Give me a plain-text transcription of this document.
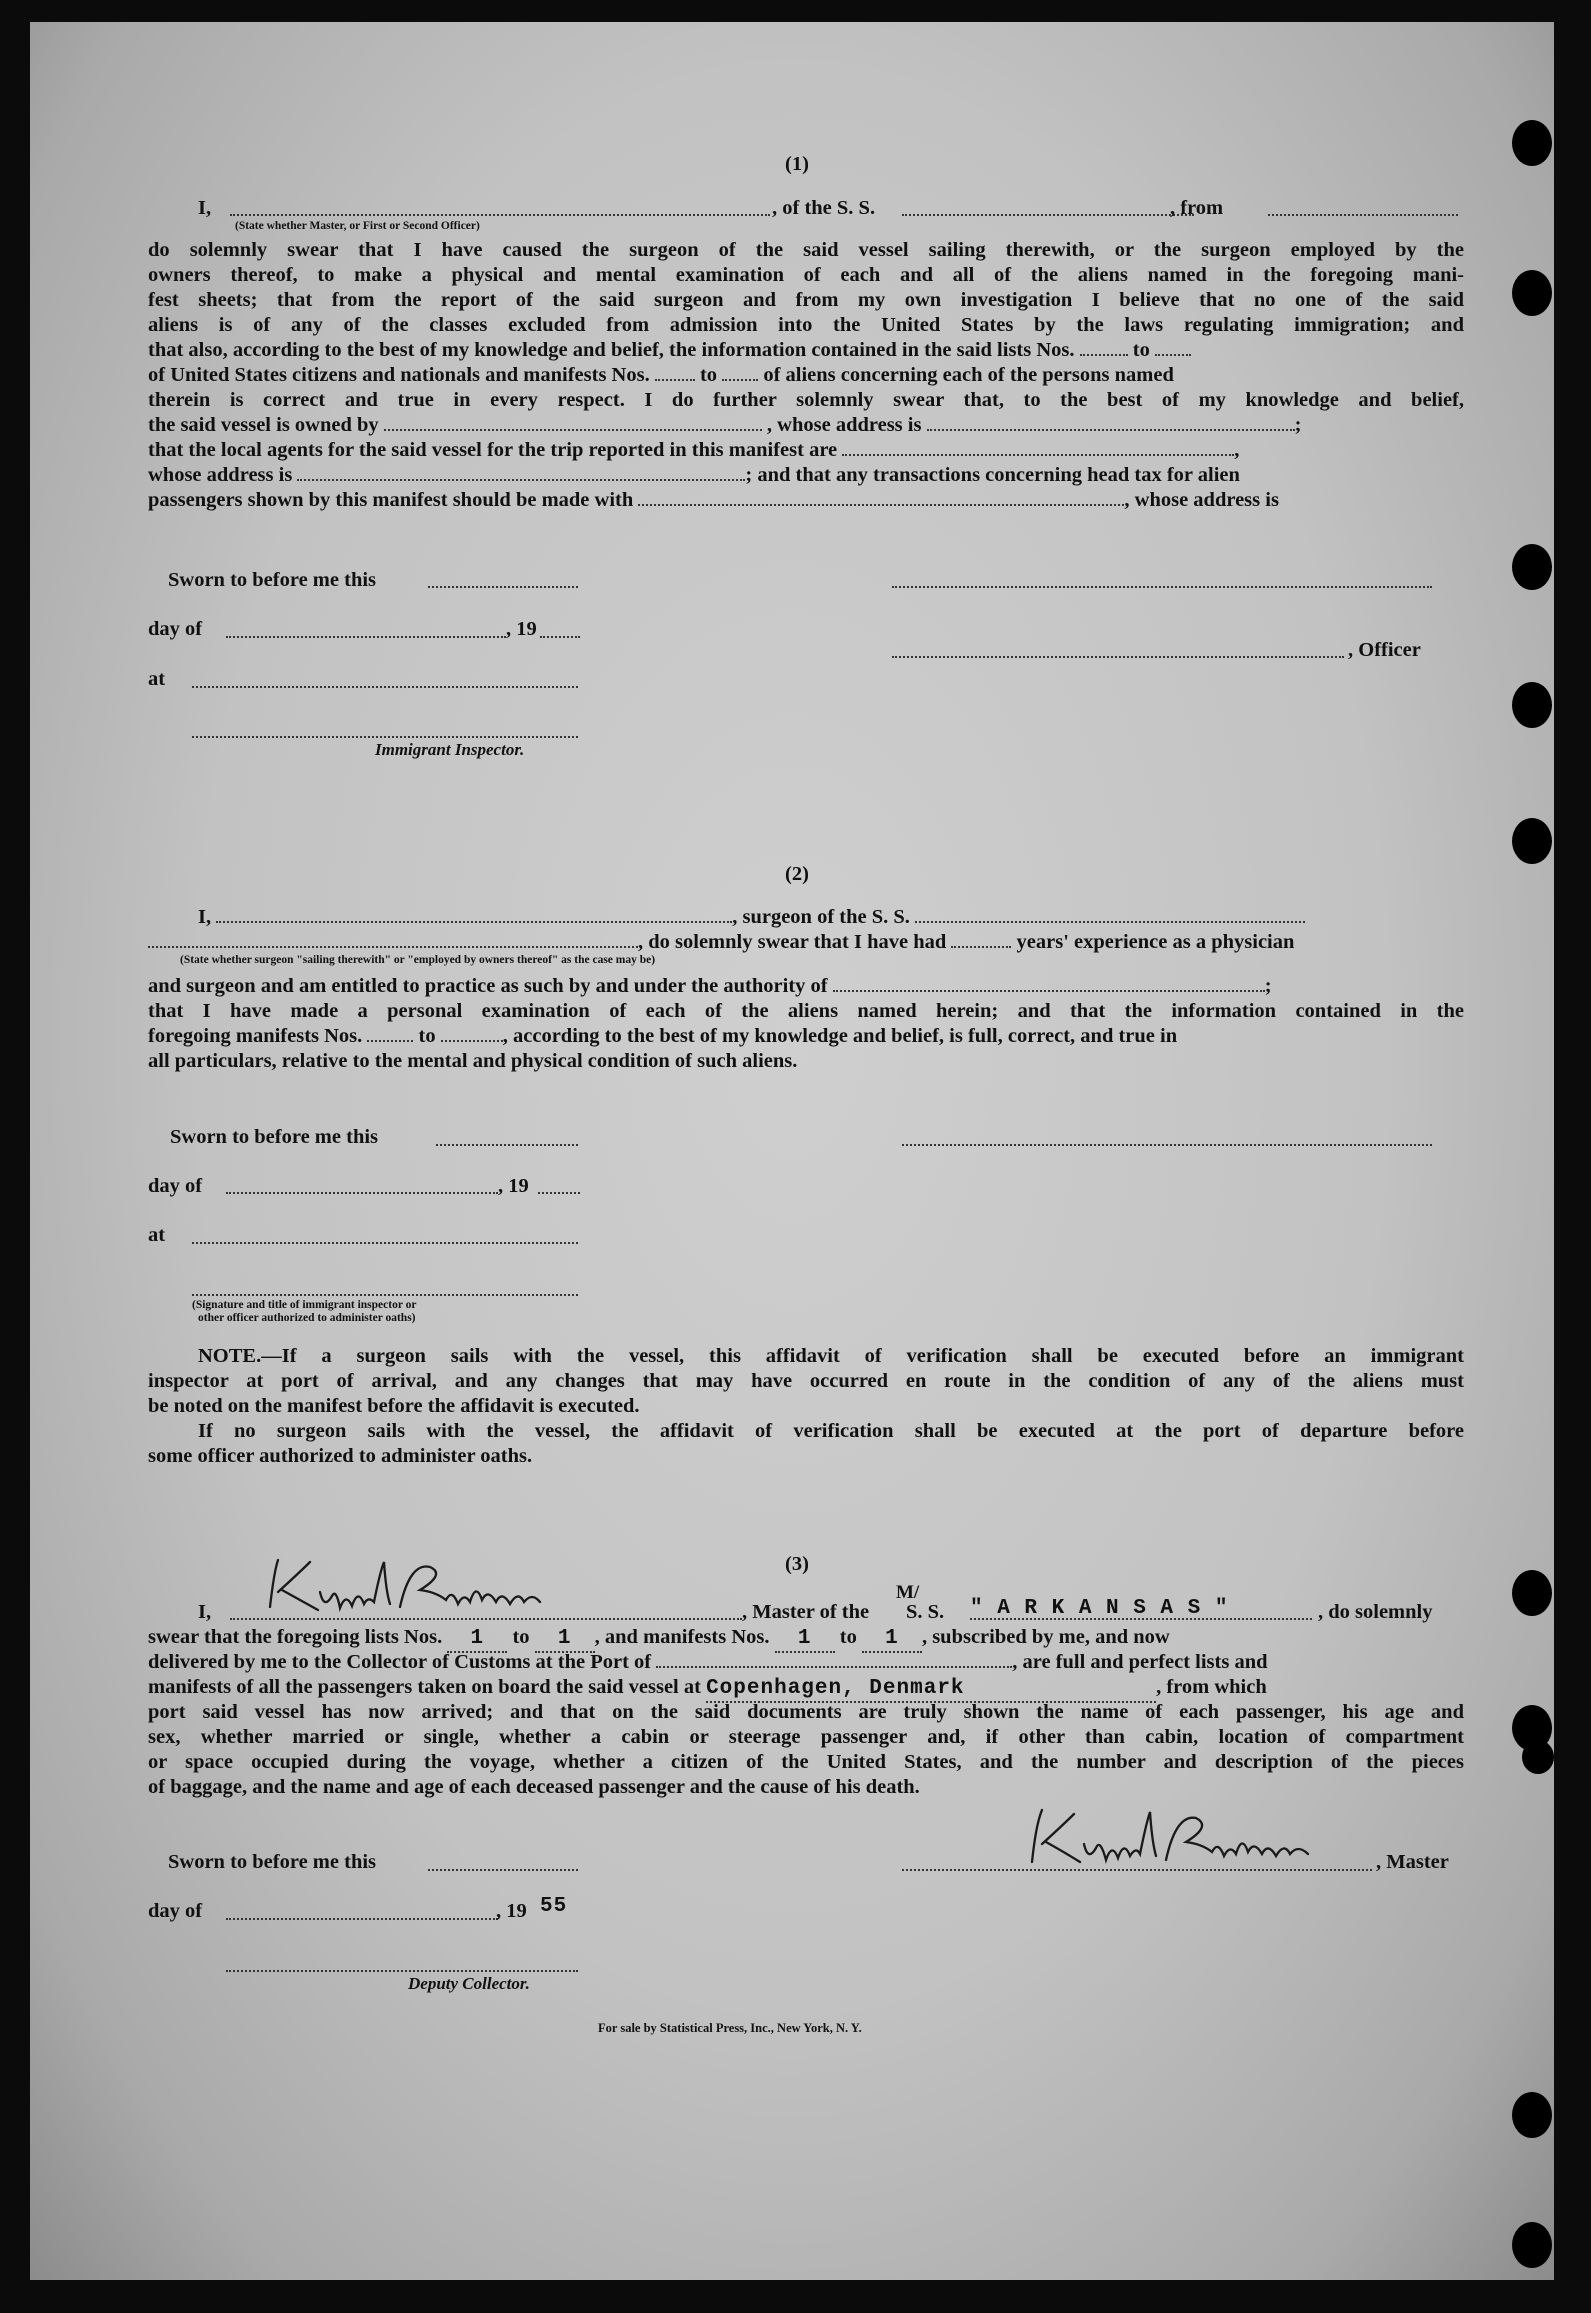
(1)
I,	, of the S. S.	, from
(State whether Master, or First or Second Officer)
do solemnly swear that I have caused the surgeon of the said vessel sailing therewith, or the surgeon employed by the
owners thereof, to make a physical and mental examination of each and all of the aliens named in the foregoing mani-
fest sheets; that from the report of the said surgeon and from my own investigation I believe that no one of the said
aliens is of any of the classes excluded from admission into the United States by the laws regulating immigration; and
that also, according to the best of my knowledge and belief, the information contained in the said lists Nos.	to
of United States citizens and nationals and manifests Nos. to of aliens concerning each of the persons named
therein is correct and true in every respect. I do further solemnly swear that, to the best of my knowledge and belief,
the said vessel is owned by	, whose address is	;
that the local agents for the said vessel for the trip reported in this manifest are	,
whose address is	; and that any transactions concerning head tax for alien
passengers shown by this manifest should be made with	, whose address is
Sworn to before me this
day of	, 19
, Officer
at
Immigrant Inspector.
(2)
I,	, surgeon of the S. S.
, do solemnly swear that I have had	years' experience as a physician
(State whether surgeon "sailing therewith" or "employed by owners thereof" as the case may be)
and surgeon and am entitled to practice as such by and under the authority of	;
that I have made a personal examination of each of the aliens named herein; and that the information contained in the
foregoing manifests Nos.	to	, according to the best of my knowledge and belief, is full, correct, and true in
all particulars, relative to the mental and physical condition of such aliens.
Sworn to before me this
day of	, 19
at
(Signature and title of immigrant inspector or
other officer authorized to administer oaths)
NOTE.—If a surgeon sails with the vessel, this affidavit of verification shall be executed before an immigrant
inspector at port of arrival, and any changes that may have occurred en route in the condition of any of the aliens must
be noted on the manifest before the affidavit is executed.
If no surgeon sails with the vessel, the affidavit of verification shall be executed at the port of departure before
some officer authorized to administer oaths.
(3)
I,	, Master of the
M/
S. S. " A R K A N S A S "	, do solemnly
swear that the foregoing lists Nos. 1 to 1 , and manifests Nos. 1 to 1 , subscribed by me, and now
delivered by me to the Collector of Customs at the Port of	, are full and perfect lists and
manifests of all the passengers taken on board the said vessel at Copenhagen, Denmark	, from which
port said vessel has now arrived; and that on the said documents are truly shown the name of each passenger, his age and
sex, whether married or single, whether a cabin or steerage passenger and, if other than cabin, location of compartment
or space occupied during the voyage, whether a citizen of the United States, and the number and description of the pieces
of baggage, and the name and age of each deceased passenger and the cause of his death.
Sworn to before me this	, Master
day of	, 19 55
Deputy Collector.
For sale by Statistical Press, Inc., New York, N. Y.
